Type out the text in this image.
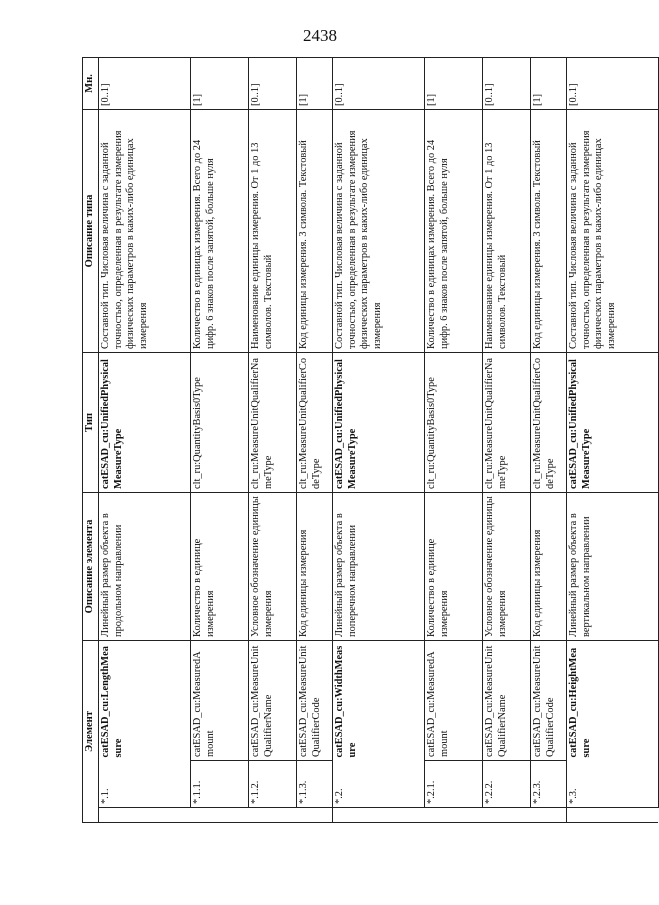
2438
Элемент			Описание элемента	Тип	Описание типа	Мн.
	*.1.	catESAD_cu:LengthMeasure	Линейный размер объекта в продольном направлении	catESAD_cu:UnifiedPhysicalMeasureType	Составной тип. Числовая величина с заданной точностью, определенная в результате измерения физических параметров в каких-либо единицах измерения	[0..1]
	*.1.1.	catESAD_cu:MeasuredAmount	Количество в единице измерения	clt_ru:QuantityBasis0Type	Количество в единицах измерения. Всего до 24 цифр. 6 знаков после запятой, больше нуля	[1]
	*.1.2.	catESAD_cu:MeasureUnitQualifierName	Условное обозначение единицы измерения	clt_ru:MeasureUnitQualifierNameType	Наименование единицы измерения. От 1 до 13 символов. Текстовый	[0..1]
	*.1.3.	catESAD_cu:MeasureUnitQualifierCode	Код единицы измерения	clt_ru:MeasureUnitQualifierCodeType	Код единицы измерения. 3 символа. Текстовый	[1]
	*.2.	catESAD_cu:WidthMeasure	Линейный размер объекта в поперечном направлении	catESAD_cu:UnifiedPhysicalMeasureType	Составной тип. Числовая величина с заданной точностью, определенная в результате измерения физических параметров в каких-либо единицах измерения	[0..1]
	*.2.1.	catESAD_cu:MeasuredAmount	Количество в единице измерения	clt_ru:QuantityBasis0Type	Количество в единицах измерения. Всего до 24 цифр. 6 знаков после запятой, больше нуля	[1]
	*.2.2.	catESAD_cu:MeasureUnitQualifierName	Условное обозначение единицы измерения	clt_ru:MeasureUnitQualifierNameType	Наименование единицы измерения. От 1 до 13 символов. Текстовый	[0..1]
	*.2.3.	catESAD_cu:MeasureUnitQualifierCode	Код единицы измерения	clt_ru:MeasureUnitQualifierCodeType	Код единицы измерения. 3 символа. Текстовый	[1]
	*.3.	catESAD_cu:HeightMeasure	Линейный размер объекта в вертикальном направлении	catESAD_cu:UnifiedPhysicalMeasureType	Составной тип. Числовая величина с заданной точностью, определенная в результате измерения физических параметров в каких-либо единицах измерения	[0..1]
